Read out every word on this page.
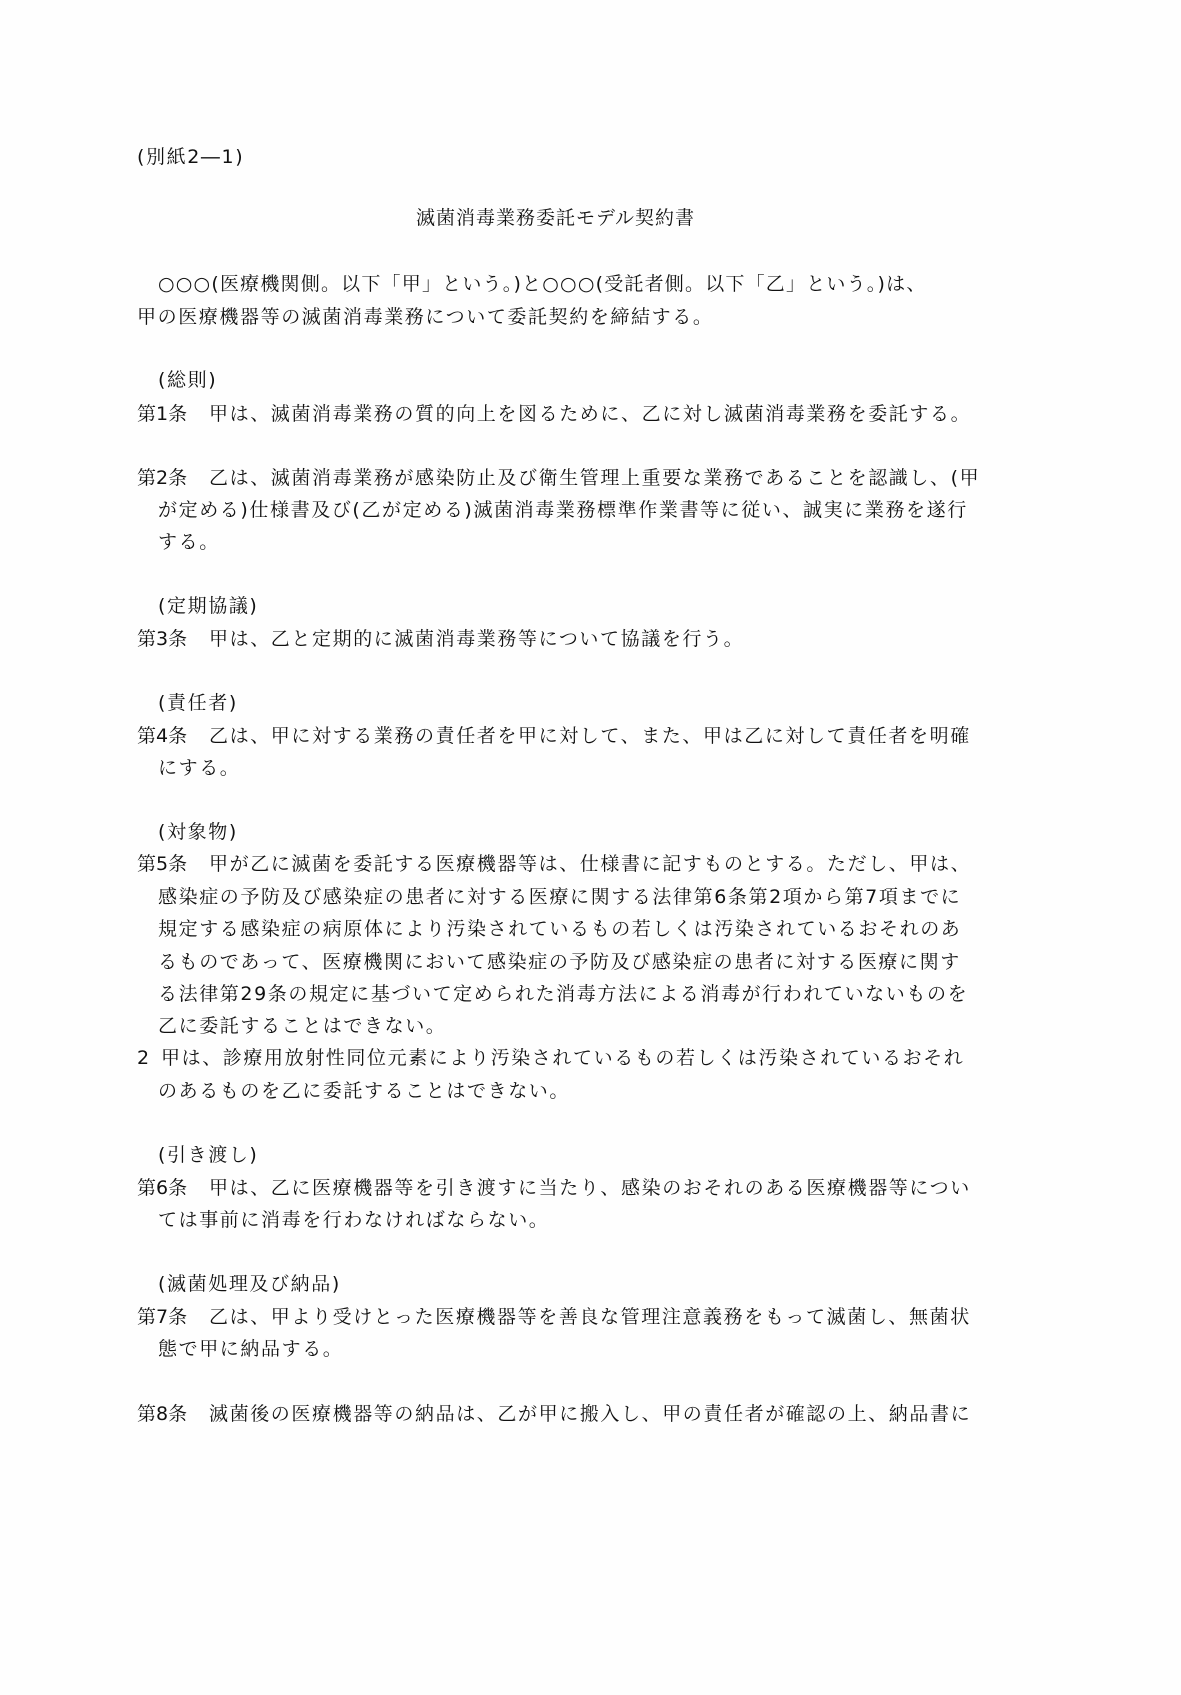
(別紙2―1)
滅菌消毒業務委託モデル契約書
○○○(医療機関側。以下「甲」という。)と○○○(受託者側。以下「乙」という。)は、
甲の医療機器等の滅菌消毒業務について委託契約を締結する。
(総則)
第1条 甲は、滅菌消毒業務の質的向上を図るために、乙に対し滅菌消毒業務を委託する。
第2条 乙は、滅菌消毒業務が感染防止及び衛生管理上重要な業務であることを認識し、(甲
が定める)仕様書及び(乙が定める)滅菌消毒業務標準作業書等に従い、誠実に業務を遂行
する。
(定期協議)
第3条 甲は、乙と定期的に滅菌消毒業務等について協議を行う。
(責任者)
第4条 乙は、甲に対する業務の責任者を甲に対して、また、甲は乙に対して責任者を明確
にする。
(対象物)
第5条 甲が乙に滅菌を委託する医療機器等は、仕様書に記すものとする。ただし、甲は、
感染症の予防及び感染症の患者に対する医療に関する法律第6条第2項から第7項までに
規定する感染症の病原体により汚染されているもの若しくは汚染されているおそれのあ
るものであって、医療機関において感染症の予防及び感染症の患者に対する医療に関す
る法律第29条の規定に基づいて定められた消毒方法による消毒が行われていないものを
乙に委託することはできない。
2 甲は、診療用放射性同位元素により汚染されているもの若しくは汚染されているおそれ
のあるものを乙に委託することはできない。
(引き渡し)
第6条 甲は、乙に医療機器等を引き渡すに当たり、感染のおそれのある医療機器等につい
ては事前に消毒を行わなければならない。
(滅菌処理及び納品)
第7条 乙は、甲より受けとった医療機器等を善良な管理注意義務をもって滅菌し、無菌状
態で甲に納品する。
第8条 滅菌後の医療機器等の納品は、乙が甲に搬入し、甲の責任者が確認の上、納品書に
